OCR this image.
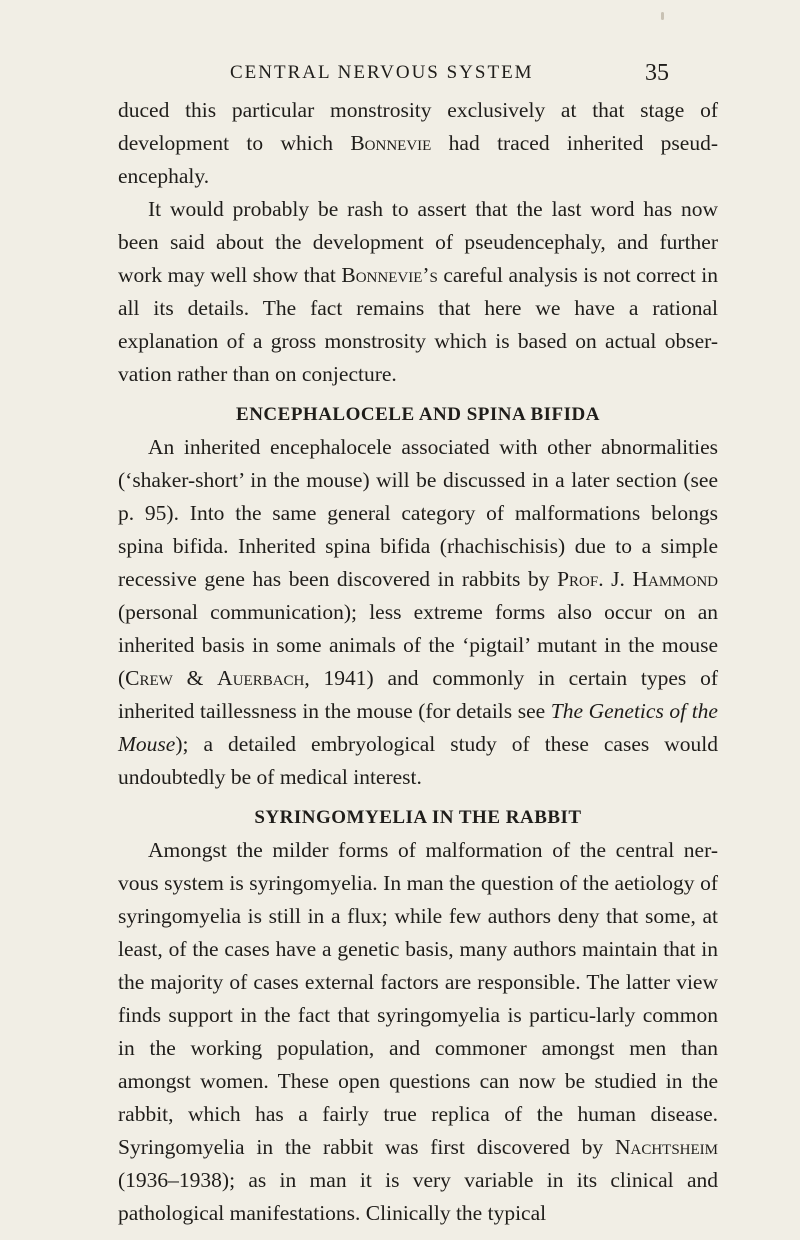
CENTRAL NERVOUS SYSTEM	35

duced this particular monstrosity exclusively at that stage of development to which Bonnevie had traced inherited pseud-encephaly.

It would probably be rash to assert that the last word has now been said about the development of pseudencephaly, and further work may well show that Bonnevie’s careful analysis is not correct in all its details. The fact remains that here we have a rational explanation of a gross monstrosity which is based on actual obser-vation rather than on conjecture.

ENCEPHALOCELE AND SPINA BIFIDA

An inherited encephalocele associated with other abnormalities (‘shaker-short’ in the mouse) will be discussed in a later section (see p. 95). Into the same general category of malformations belongs spina bifida. Inherited spina bifida (rhachischisis) due to a simple recessive gene has been discovered in rabbits by Prof. J. Hammond (personal communication); less extreme forms also occur on an inherited basis in some animals of the ‘pigtail’ mutant in the mouse (Crew & Auerbach, 1941) and commonly in certain types of inherited taillessness in the mouse (for details see The Genetics of the Mouse); a detailed embryological study of these cases would undoubtedly be of medical interest.

SYRINGOMYELIA IN THE RABBIT

Amongst the milder forms of malformation of the central ner-vous system is syringomyelia. In man the question of the aetiology of syringomyelia is still in a flux; while few authors deny that some, at least, of the cases have a genetic basis, many authors maintain that in the majority of cases external factors are responsible. The latter view finds support in the fact that syringomyelia is particu-larly common in the working population, and commoner amongst men than amongst women. These open questions can now be studied in the rabbit, which has a fairly true replica of the human disease. Syringomyelia in the rabbit was first discovered by Nachtsheim (1936–1938); as in man it is very variable in its clinical and pathological manifestations. Clinically the typical
